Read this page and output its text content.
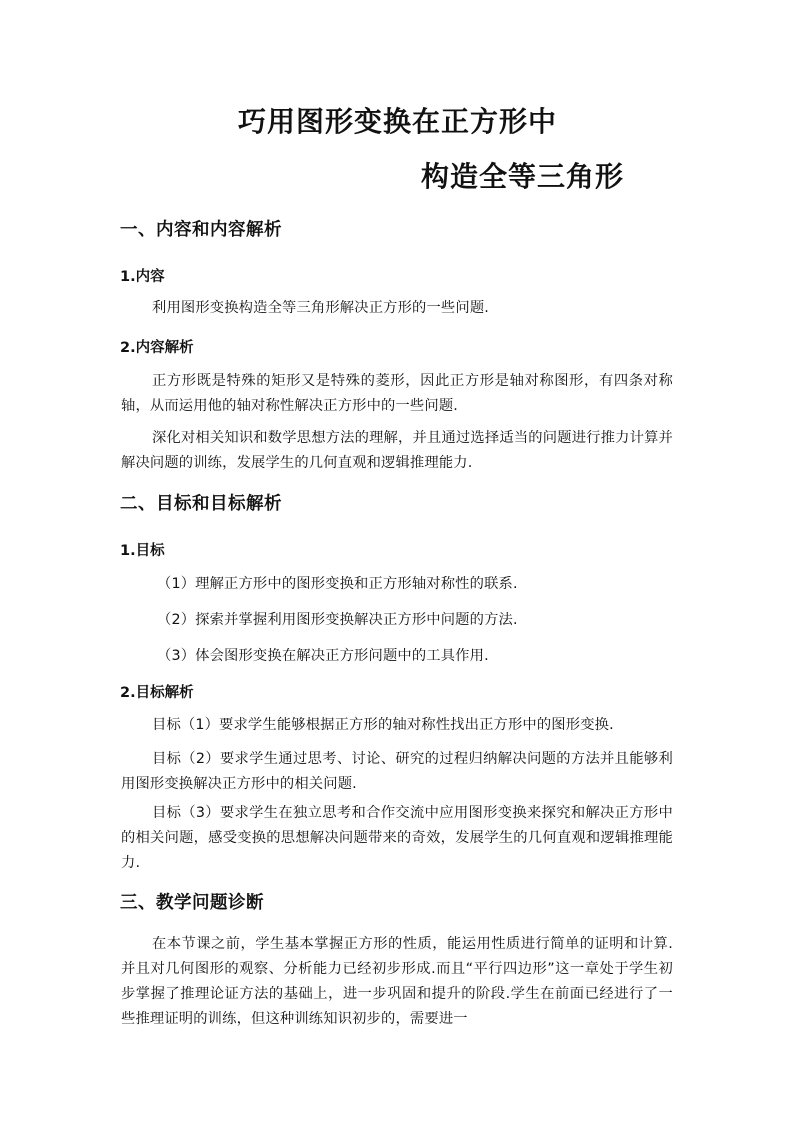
巧用图形变换在正方形中
构造全等三角形
一、内容和内容解析
1.内容
利用图形变换构造全等三角形解决正方形的一些问题.
2.内容解析
正方形既是特殊的矩形又是特殊的菱形，因此正方形是轴对称图形，有四条对称轴，从而运用他的轴对称性解决正方形中的一些问题.
深化对相关知识和数学思想方法的理解，并且通过选择适当的问题进行推力计算并解决问题的训练，发展学生的几何直观和逻辑推理能力.
二、目标和目标解析
1.目标
（1）理解正方形中的图形变换和正方形轴对称性的联系.
（2）探索并掌握利用图形变换解决正方形中问题的方法.
（3）体会图形变换在解决正方形问题中的工具作用.
2.目标解析
目标（1）要求学生能够根据正方形的轴对称性找出正方形中的图形变换.
目标（2）要求学生通过思考、讨论、研究的过程归纳解决问题的方法并且能够利用图形变换解决正方形中的相关问题.
目标（3）要求学生在独立思考和合作交流中应用图形变换来探究和解决正方形中的相关问题，感受变换的思想解决问题带来的奇效，发展学生的几何直观和逻辑推理能力.
三、教学问题诊断
在本节课之前，学生基本掌握正方形的性质，能运用性质进行简单的证明和计算.并且对几何图形的观察、分析能力已经初步形成.而且“平行四边形”这一章处于学生初步掌握了推理论证方法的基础上，进一步巩固和提升的阶段.学生在前面已经进行了一些推理证明的训练，但这种训练知识初步的，需要进一
